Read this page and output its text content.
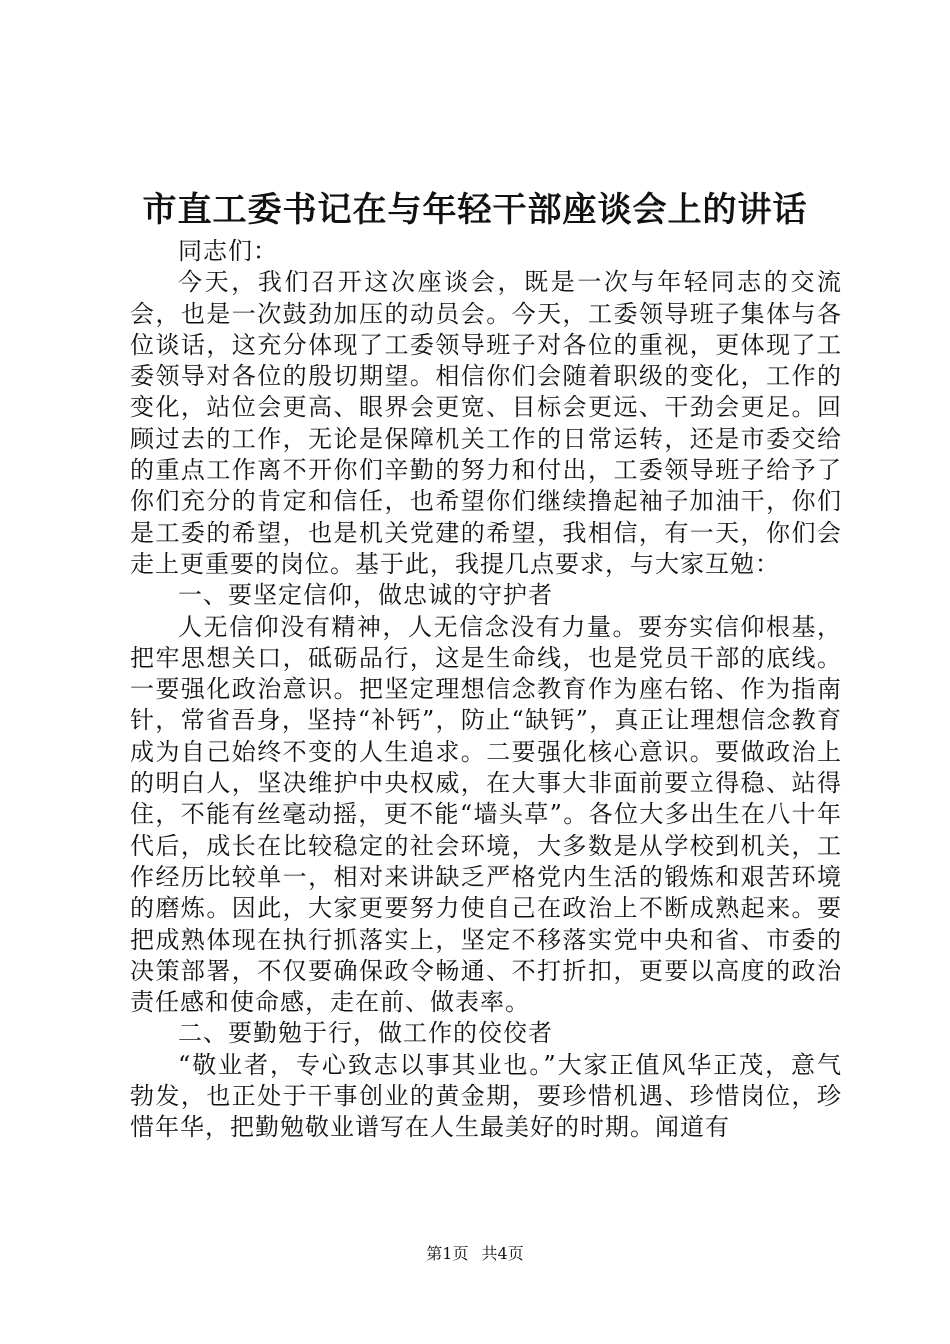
市直工委书记在与年轻干部座谈会上的讲话

同志们：

今天，我们召开这次座谈会，既是一次与年轻同志的交流会，也是一次鼓劲加压的动员会。今天，工委领导班子集体与各位谈话，这充分体现了工委领导班子对各位的重视，更体现了工委领导对各位的殷切期望。相信你们会随着职级的变化，工作的变化，站位会更高、眼界会更宽、目标会更远、干劲会更足。回顾过去的工作，无论是保障机关工作的日常运转，还是市委交给的重点工作离不开你们辛勤的努力和付出，工委领导班子给予了你们充分的肯定和信任，也希望你们继续撸起袖子加油干，你们是工委的希望，也是机关党建的希望，我相信，有一天，你们会走上更重要的岗位。基于此，我提几点要求，与大家互勉：

一、要坚定信仰，做忠诚的守护者

人无信仰没有精神，人无信念没有力量。要夯实信仰根基，把牢思想关口，砥砺品行，这是生命线，也是党员干部的底线。一要强化政治意识。把坚定理想信念教育作为座右铭、作为指南针，常省吾身，坚持“补钙”，防止“缺钙”，真正让理想信念教育成为自己始终不变的人生追求。二要强化核心意识。要做政治上的明白人，坚决维护中央权威，在大事大非面前要立得稳、站得住，不能有丝毫动摇，更不能“墙头草”。各位大多出生在八十年代后，成长在比较稳定的社会环境，大多数是从学校到机关，工作经历比较单一，相对来讲缺乏严格党内生活的锻炼和艰苦环境的磨炼。因此，大家更要努力使自己在政治上不断成熟起来。要把成熟体现在执行抓落实上，坚定不移落实党中央和省、市委的决策部署，不仅要确保政令畅通、不打折扣，更要以高度的政治责任感和使命感，走在前、做表率。

二、要勤勉于行，做工作的佼佼者

“敬业者，专心致志以事其业也。”大家正值风华正茂，意气勃发，也正处于干事创业的黄金期，要珍惜机遇、珍惜岗位，珍惜年华，把勤勉敬业谱写在人生最美好的时期。闻道有

第1页 共4页
